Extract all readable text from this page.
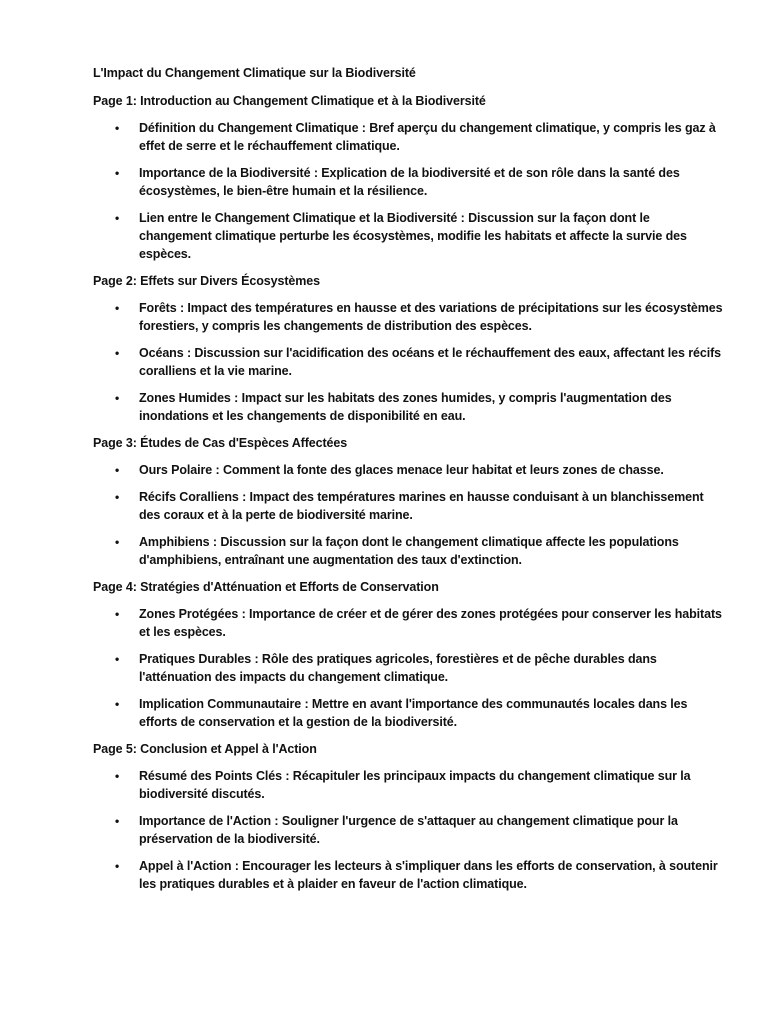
L'Impact du Changement Climatique sur la Biodiversité
Page 1: Introduction au Changement Climatique et à la Biodiversité
• Définition du Changement Climatique : Bref aperçu du changement climatique, y compris les gaz à effet de serre et le réchauffement climatique.
• Importance de la Biodiversité : Explication de la biodiversité et de son rôle dans la santé des écosystèmes, le bien-être humain et la résilience.
• Lien entre le Changement Climatique et la Biodiversité : Discussion sur la façon dont le changement climatique perturbe les écosystèmes, modifie les habitats et affecte la survie des espèces.
Page 2: Effets sur Divers Écosystèmes
• Forêts : Impact des températures en hausse et des variations de précipitations sur les écosystèmes forestiers, y compris les changements de distribution des espèces.
• Océans : Discussion sur l'acidification des océans et le réchauffement des eaux, affectant les récifs coralliens et la vie marine.
• Zones Humides : Impact sur les habitats des zones humides, y compris l'augmentation des inondations et les changements de disponibilité en eau.
Page 3: Études de Cas d'Espèces Affectées
• Ours Polaire : Comment la fonte des glaces menace leur habitat et leurs zones de chasse.
• Récifs Coralliens : Impact des températures marines en hausse conduisant à un blanchissement des coraux et à la perte de biodiversité marine.
• Amphibiens : Discussion sur la façon dont le changement climatique affecte les populations d'amphibiens, entraînant une augmentation des taux d'extinction.
Page 4: Stratégies d'Atténuation et Efforts de Conservation
• Zones Protégées : Importance de créer et de gérer des zones protégées pour conserver les habitats et les espèces.
• Pratiques Durables : Rôle des pratiques agricoles, forestières et de pêche durables dans l'atténuation des impacts du changement climatique.
• Implication Communautaire : Mettre en avant l'importance des communautés locales dans les efforts de conservation et la gestion de la biodiversité.
Page 5: Conclusion et Appel à l'Action
• Résumé des Points Clés : Récapituler les principaux impacts du changement climatique sur la biodiversité discutés.
• Importance de l'Action : Souligner l'urgence de s'attaquer au changement climatique pour la préservation de la biodiversité.
• Appel à l'Action : Encourager les lecteurs à s'impliquer dans les efforts de conservation, à soutenir les pratiques durables et à plaider en faveur de l'action climatique.
